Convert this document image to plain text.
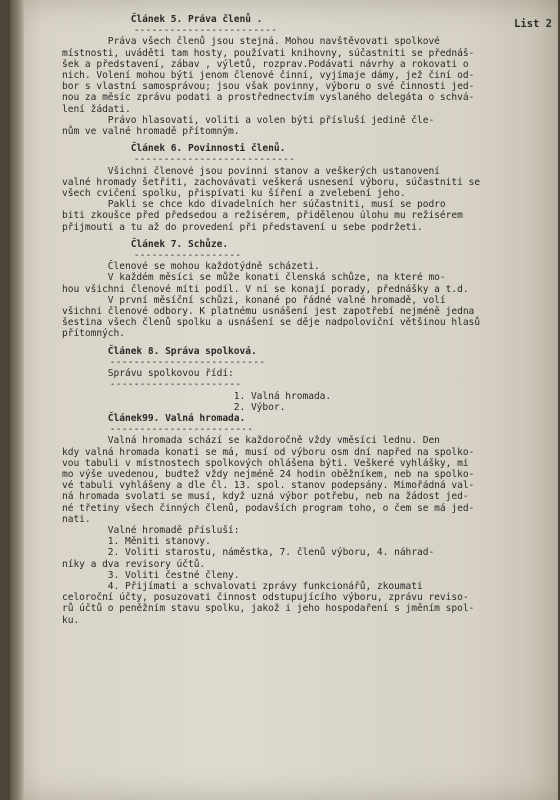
List 2
Článek 5. Práva členů .
------------------------
Práva všech členů jsou stejná. Mohou navštěvovati spolkové
místnosti, uváděti tam hosty, používati knihovny, súčastniti se přednáš-
šek a představení, zábav , výletů, rozprav.Podávati návrhy a rokovati o
nich. Volení mohou býti jenom členové činní, vyjímaje dámy, jež činí od-
bor s vlastní samosprávou; jsou však povinny, výboru o své činnosti jed-
nou za měsíc zprávu podati a prostřednectvím vyslaného delegáta o schvá-
lení žádati.
Právo hlasovati, voliti a volen býti přísluší jedině čle-
nům ve valné hromadě přítomným.
Článek 6. Povinnosti členů.
---------------------------
Všichni členové jsou povinni stanov a veškerých ustanovení
valné hromady šetřiti, zachovávati veškerá usnesení výboru, súčastniti se
všech cvičení spolku, přispívati ku šíření a zvelebení jeho.
Pakli se chce kdo divadelních her súčastniti, musí se podro
biti zkoušce před předsedou a režisérem, přidělenou úlohu mu režisérem
přijmouti a tu až do provedení při představení u sebe podržeti.
Článek 7. Schůze.
------------------
Členové se mohou každotýdně scházeti.
V každém měsíci se může konati členská schůze, na které mo-
hou všichni členové míti podíl. V ní se konají porady, přednášky a t.d.
V první měsíční schůzi, konané po řádné valné hromadě, volí
všichni členové odbory. K platnému usnášení jest zapotřebí nejméně jedna
šestina všech členů spolku a usnášení se děje nadpoloviční většinou hlasů
přítomných.
Článek 8. Správa spolková.
--------------------------
Správu spolkovou řídí:
----------------------
1. Valná hromada.
2. Výbor.
Článek99. Valná hromada.
------------------------
Valná hromada schází se každoročně vždy vměsíci lednu. Den
kdy valná hromada konati se má, musí od výboru osm dní napřed na spolko-
vou tabuli v místnostech spolkových ohlášena býti. Veškeré vyhlášky, mi
mo výše uvedenou, budtež vždy nejméně 24 hodin oběžníkem, neb na spolko-
vé tabuli vyhlášeny a dle čl. 13. spol. stanov podepsány. Mimořádná val-
ná hromada svolati se musí, když uzná výbor potřebu, neb na žádost jed-
né třetiny všech činných členů, podavších program toho, o čem se má jed-
nati.
Valné hromadě přísluší:
1. Měniti stanovy.
2. Voliti starostu, náměstka, 7. členů výboru, 4. náhrad-
níky a dva revisory účtů.
3. Voliti čestné členy.
4. Přijímati a schvalovati zprávy funkcionářů, zkoumati
celoroční účty, posuzovati činnost odstupujícího výboru, zprávu reviso-
rů účtů o peněžním stavu spolku, jakož i jeho hospodaření s jměním spol-
ku.
